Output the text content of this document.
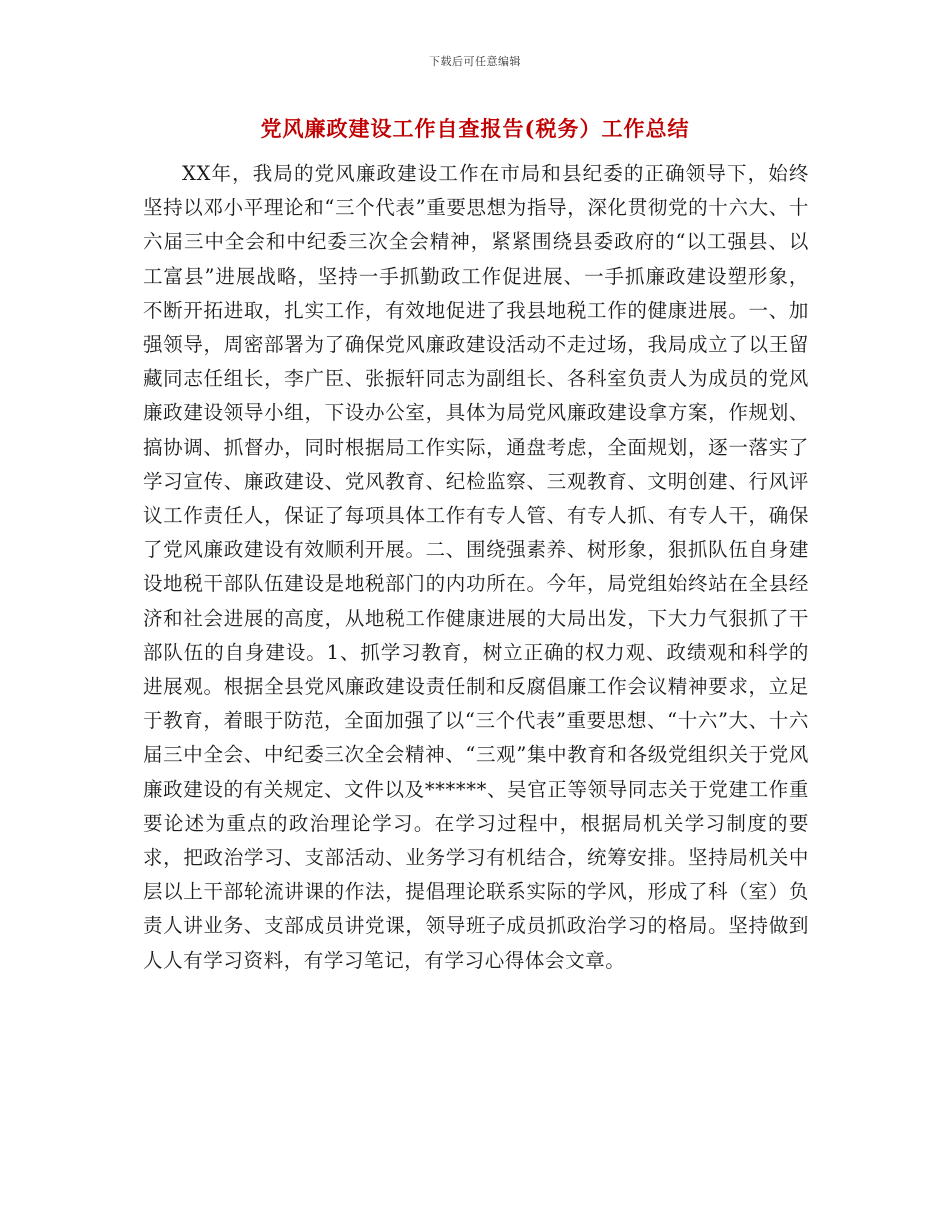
下载后可任意编辑
党风廉政建设工作自查报告(税务）工作总结

XX年，我局的党风廉政建设工作在市局和县纪委的正确领导下，始终坚持以邓小平理论和“三个代表”重要思想为指导，深化贯彻党的十六大、十六届三中全会和中纪委三次全会精神，紧紧围绕县委政府的“以工强县、以工富县”进展战略，坚持一手抓勤政工作促进展、一手抓廉政建设塑形象，不断开拓进取，扎实工作，有效地促进了我县地税工作的健康进展。一、加强领导，周密部署为了确保党风廉政建设活动不走过场，我局成立了以王留藏同志任组长，李广臣、张振轩同志为副组长、各科室负责人为成员的党风廉政建设领导小组，下设办公室，具体为局党风廉政建设拿方案，作规划、搞协调、抓督办，同时根据局工作实际，通盘考虑，全面规划，逐一落实了学习宣传、廉政建设、党风教育、纪检监察、三观教育、文明创建、行风评议工作责任人，保证了每项具体工作有专人管、有专人抓、有专人干，确保了党风廉政建设有效顺利开展。二、围绕强素养、树形象，狠抓队伍自身建设地税干部队伍建设是地税部门的内功所在。今年，局党组始终站在全县经济和社会进展的高度，从地税工作健康进展的大局出发，下大力气狠抓了干部队伍的自身建设。1、抓学习教育，树立正确的权力观、政绩观和科学的进展观。根据全县党风廉政建设责任制和反腐倡廉工作会议精神要求，立足于教育，着眼于防范，全面加强了以“三个代表”重要思想、“十六”大、十六届三中全会、中纪委三次全会精神、“三观”集中教育和各级党组织关于党风廉政建设的有关规定、文件以及******、吴官正等领导同志关于党建工作重要论述为重点的政治理论学习。在学习过程中，根据局机关学习制度的要求，把政治学习、支部活动、业务学习有机结合，统筹安排。坚持局机关中层以上干部轮流讲课的作法，提倡理论联系实际的学风，形成了科（室）负责人讲业务、支部成员讲党课，领导班子成员抓政治学习的格局。坚持做到人人有学习资料，有学习笔记，有学习心得体会文章。
